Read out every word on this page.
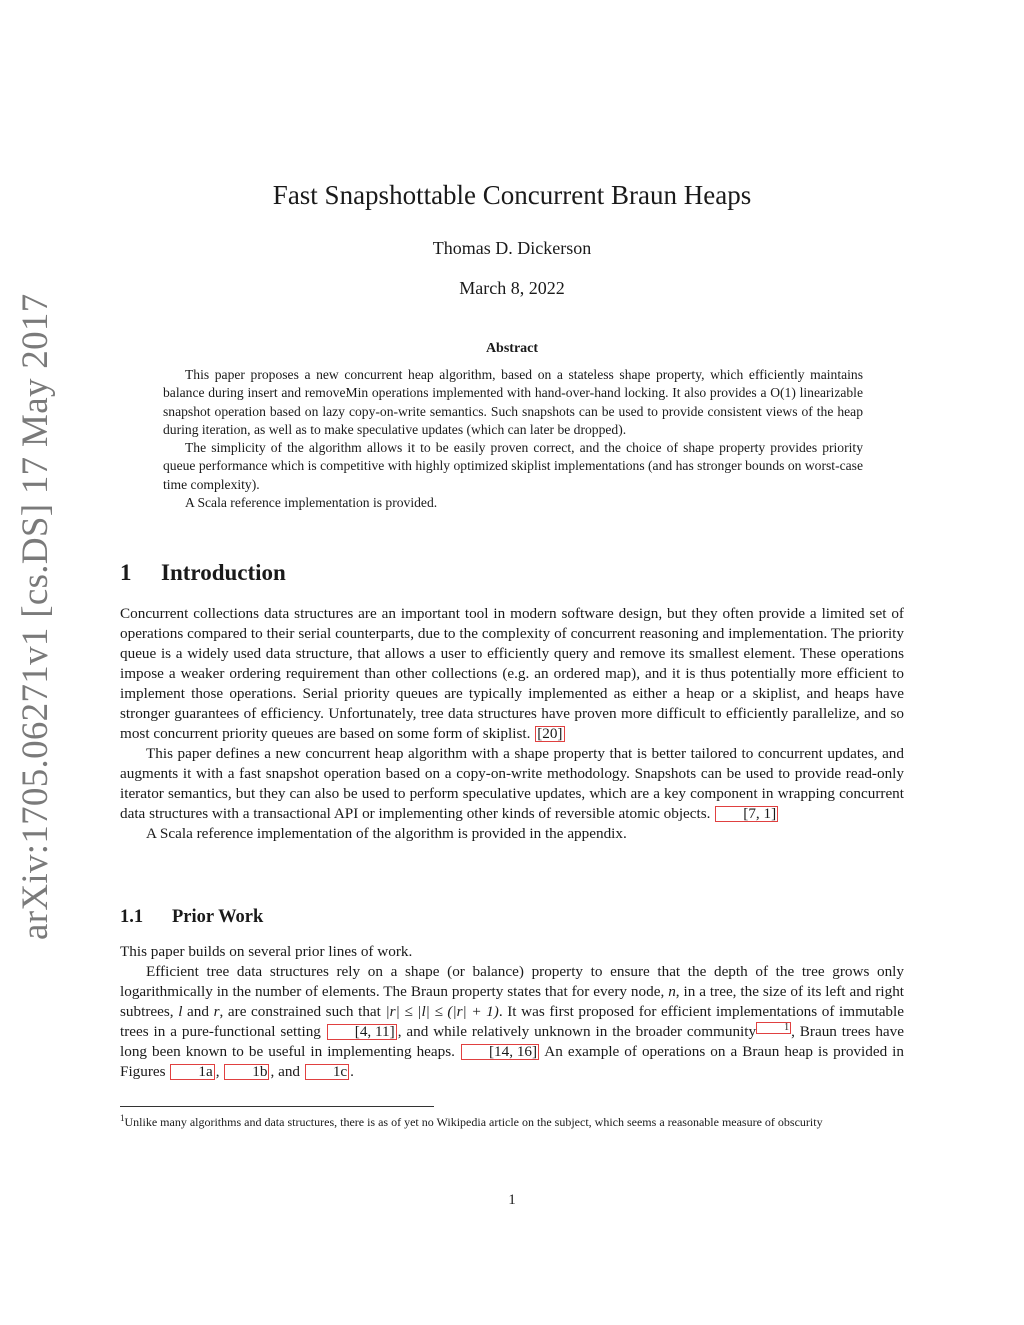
arXiv:1705.06271v1 [cs.DS] 17 May 2017
Fast Snapshottable Concurrent Braun Heaps
Thomas D. Dickerson
March 8, 2022
Abstract

This paper proposes a new concurrent heap algorithm, based on a stateless shape property, which efficiently maintains balance during insert and removeMin operations implemented with hand-over-hand locking. It also provides a O(1) linearizable snapshot operation based on lazy copy-on-write semantics. Such snapshots can be used to provide consistent views of the heap during iteration, as well as to make speculative updates (which can later be dropped).

The simplicity of the algorithm allows it to be easily proven correct, and the choice of shape property provides priority queue performance which is competitive with highly optimized skiplist implementations (and has stronger bounds on worst-case time complexity).

A Scala reference implementation is provided.

1 Introduction

Concurrent collections data structures are an important tool in modern software design, but they often provide a limited set of operations compared to their serial counterparts, due to the complexity of concurrent reasoning and implementation. The priority queue is a widely used data structure, that allows a user to efficiently query and remove its smallest element. These operations impose a weaker ordering requirement than other collections (e.g. an ordered map), and it is thus potentially more efficient to implement those operations. Serial priority queues are typically implemented as either a heap or a skiplist, and heaps have stronger guarantees of efficiency. Unfortunately, tree data structures have proven more difficult to efficiently parallelize, and so most concurrent priority queues are based on some form of skiplist. [20]

This paper defines a new concurrent heap algorithm with a shape property that is better tailored to concurrent updates, and augments it with a fast snapshot operation based on a copy-on-write methodology. Snapshots can be used to provide read-only iterator semantics, but they can also be used to perform speculative updates, which are a key component in wrapping concurrent data structures with a transactional API or implementing other kinds of reversible atomic objects. [7, 1]

A Scala reference implementation of the algorithm is provided in the appendix.

1.1 Prior Work

This paper builds on several prior lines of work.

Efficient tree data structures rely on a shape (or balance) property to ensure that the depth of the tree grows only logarithmically in the number of elements. The Braun property states that for every node, n, in a tree, the size of its left and right subtrees, l and r, are constrained such that |r| ≤ |l| ≤ (|r| + 1). It was first proposed for efficient implementations of immutable trees in a pure-functional setting [4, 11] , and while relatively unknown in the broader community	1 , Braun trees have long been known to be useful in implementing heaps. [14, 16] An example of operations on a Braun heap is provided in Figures 1a , 1b , and 1c .

$^1$Unlike many algorithms and data structures, there is as of yet no Wikipedia article on the subject, which seems a reasonable measure of obscurity
1
